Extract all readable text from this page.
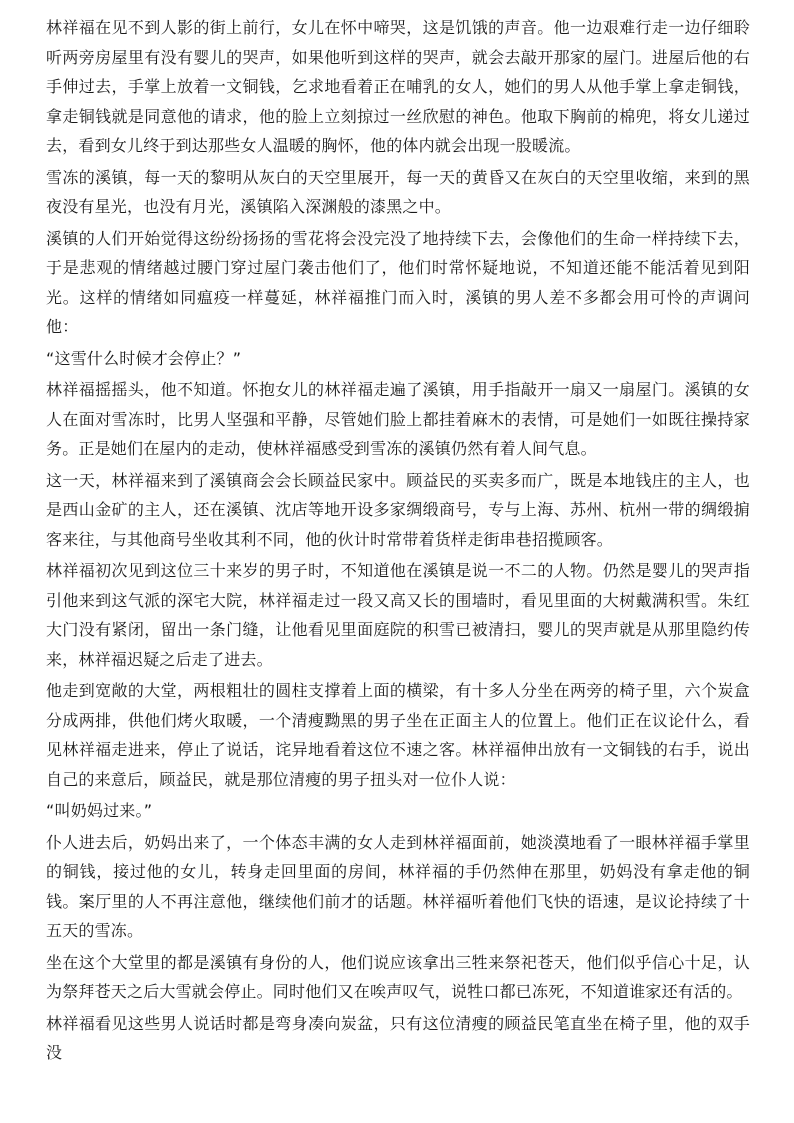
林祥福在见不到人影的街上前行，女儿在怀中啼哭，这是饥饿的声音。他一边艰难行走一边仔细聆听两旁房屋里有没有婴儿的哭声，如果他听到这样的哭声，就会去敲开那家的屋门。进屋后他的右手伸过去，手掌上放着一文铜钱，乞求地看着正在哺乳的女人，她们的男人从他手掌上拿走铜钱，拿走铜钱就是同意他的请求，他的脸上立刻掠过一丝欣慰的神色。他取下胸前的棉兜，将女儿递过去，看到女儿终于到达那些女人温暖的胸怀，他的体内就会出现一股暖流。

雪冻的溪镇，每一天的黎明从灰白的天空里展开，每一天的黄昏又在灰白的天空里收缩，来到的黑夜没有星光，也没有月光，溪镇陷入深渊般的漆黑之中。

溪镇的人们开始觉得这纷纷扬扬的雪花将会没完没了地持续下去，会像他们的生命一样持续下去，于是悲观的情绪越过腰门穿过屋门袭击他们了，他们时常怀疑地说，不知道还能不能活着见到阳光。这样的情绪如同瘟疫一样蔓延，林祥福推门而入时，溪镇的男人差不多都会用可怜的声调问他：

“这雪什么时候才会停止？”

林祥福摇摇头，他不知道。怀抱女儿的林祥福走遍了溪镇，用手指敲开一扇又一扇屋门。溪镇的女人在面对雪冻时，比男人坚强和平静，尽管她们脸上都挂着麻木的表情，可是她们一如既往操持家务。正是她们在屋内的走动，使林祥福感受到雪冻的溪镇仍然有着人间气息。

这一天，林祥福来到了溪镇商会会长顾益民家中。顾益民的买卖多而广，既是本地钱庄的主人，也是西山金矿的主人，还在溪镇、沈店等地开设多家绸缎商号，专与上海、苏州、杭州一带的绸缎掮客来往，与其他商号坐收其利不同，他的伙计时常带着货样走街串巷招揽顾客。

林祥福初次见到这位三十来岁的男子时，不知道他在溪镇是说一不二的人物。仍然是婴儿的哭声指引他来到这气派的深宅大院，林祥福走过一段又高又长的围墙时，看见里面的大树戴满积雪。朱红大门没有紧闭，留出一条门缝，让他看见里面庭院的积雪已被清扫，婴儿的哭声就是从那里隐约传来，林祥福迟疑之后走了进去。

他走到宽敞的大堂，两根粗壮的圆柱支撑着上面的横梁，有十多人分坐在两旁的椅子里，六个炭盒分成两排，供他们烤火取暖，一个清瘦黝黑的男子坐在正面主人的位置上。他们正在议论什么，看见林祥福走进来，停止了说话，诧异地看着这位不速之客。林祥福伸出放有一文铜钱的右手，说出自己的来意后，顾益民，就是那位清瘦的男子扭头对一位仆人说：

“叫奶妈过来。”

仆人进去后，奶妈出来了，一个体态丰满的女人走到林祥福面前，她淡漠地看了一眼林祥福手掌里的铜钱，接过他的女儿，转身走回里面的房间，林祥福的手仍然伸在那里，奶妈没有拿走他的铜钱。案厅里的人不再注意他，继续他们前才的话题。林祥福听着他们飞快的语速，是议论持续了十五天的雪冻。

坐在这个大堂里的都是溪镇有身份的人，他们说应该拿出三牲来祭祀苍天，他们似乎信心十足，认为祭拜苍天之后大雪就会停止。同时他们又在唉声叹气，说牲口都已冻死，不知道谁家还有活的。

林祥福看见这些男人说话时都是弯身凑向炭盆，只有这位清瘦的顾益民笔直坐在椅子里，他的双手没
